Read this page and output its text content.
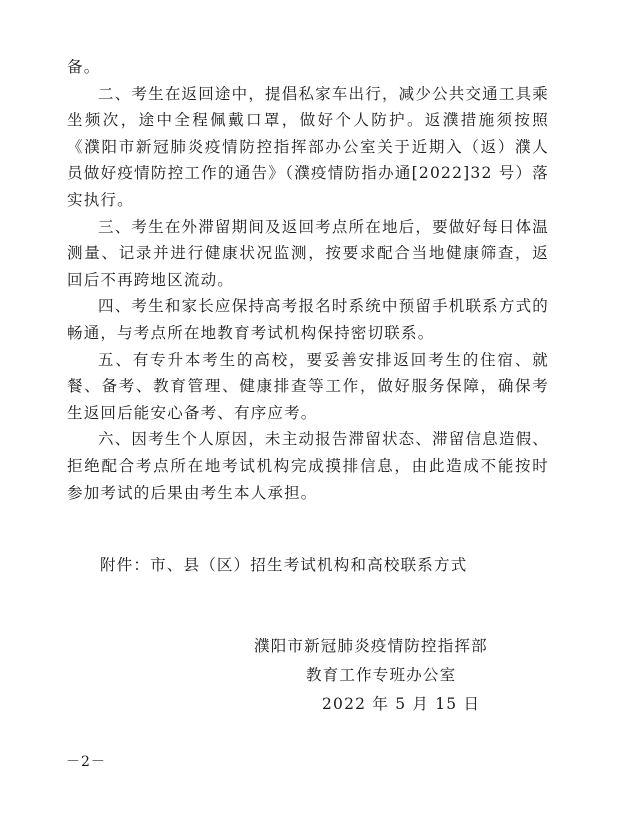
备。

二、考生在返回途中，提倡私家车出行，减少公共交通工具乘坐频次，途中全程佩戴口罩，做好个人防护。返濮措施须按照《濮阳市新冠肺炎疫情防控指挥部办公室关于近期入（返）濮人员做好疫情防控工作的通告》（濮疫情防指办通[2022]32 号）落实执行。

三、考生在外滞留期间及返回考点所在地后，要做好每日体温测量、记录并进行健康状况监测，按要求配合当地健康筛查，返回后不再跨地区流动。

四、考生和家长应保持高考报名时系统中预留手机联系方式的畅通，与考点所在地教育考试机构保持密切联系。

五、有专升本考生的高校，要妥善安排返回考生的住宿、就餐、备考、教育管理、健康排查等工作，做好服务保障，确保考生返回后能安心备考、有序应考。

六、因考生个人原因，未主动报告滞留状态、滞留信息造假、拒绝配合考点所在地考试机构完成摸排信息，由此造成不能按时参加考试的后果由考生本人承担。

附件：市、县（区）招生考试机构和高校联系方式
濮阳市新冠肺炎疫情防控指挥部
教育工作专班办公室
2022 年 5 月 15 日
－2－
